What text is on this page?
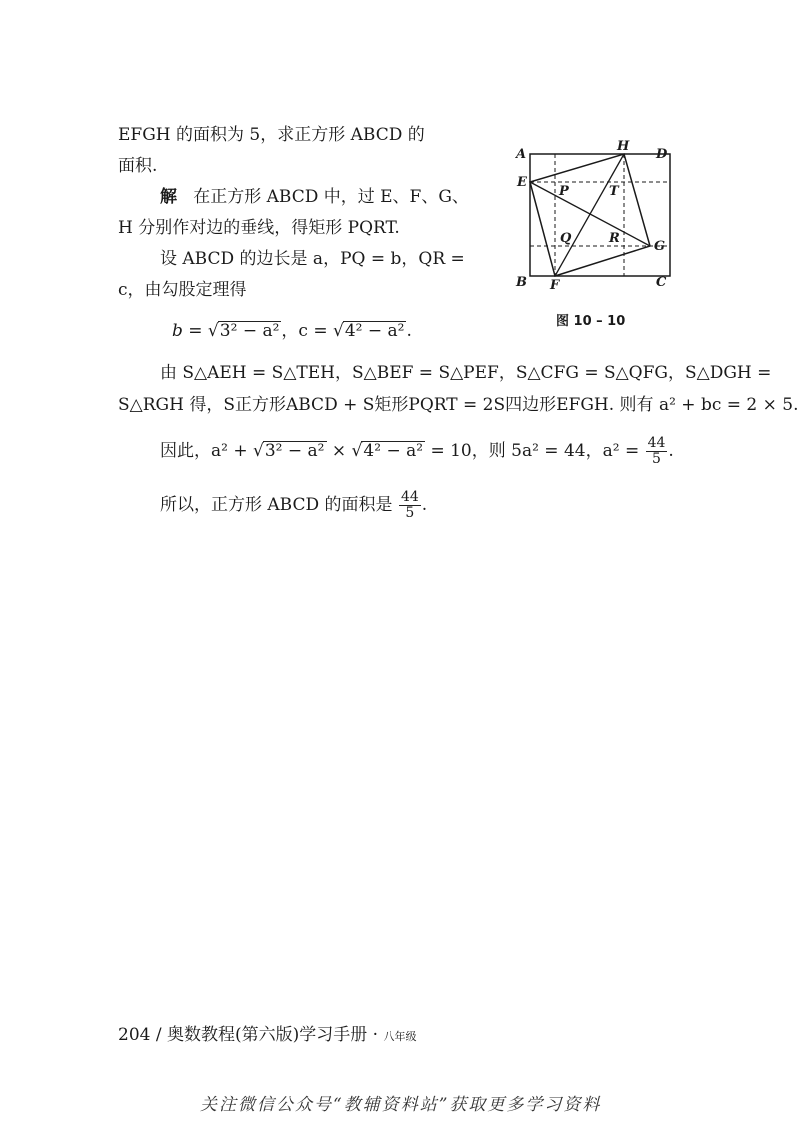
EFGH 的面积为 5，求正方形 ABCD 的
面积.
解 在正方形 ABCD 中，过 E、F、G、
H 分别作对边的垂线，得矩形 PQRT.
设 ABCD 的边长是 a，PQ = b，QR =
c，由勾股定理得
b = √3² − a² ，c = √4² − a² .
由 S△AEH = S△TEH，S△BEF = S△PEF，S△CFG = S△QFG，S△DGH =
S△RGH 得，S正方形ABCD + S矩形PQRT = 2S四边形EFGH. 则有 a² + bc = 2 × 5.
因此，a² + √3² − a² × √4² − a² = 10，则 5a² = 44，$a^2 = \frac{44}{5}$ .
所以，正方形 ABCD 的面积是 $\frac{44}{5}$ .
A	D
B	C
E
F
G
H
P
Q	R
T
图 10 – 10
204 / 奥数教程(第六版)学习手册 · 八年级
关注微信公众号“教辅资料站”获取更多学习资料
